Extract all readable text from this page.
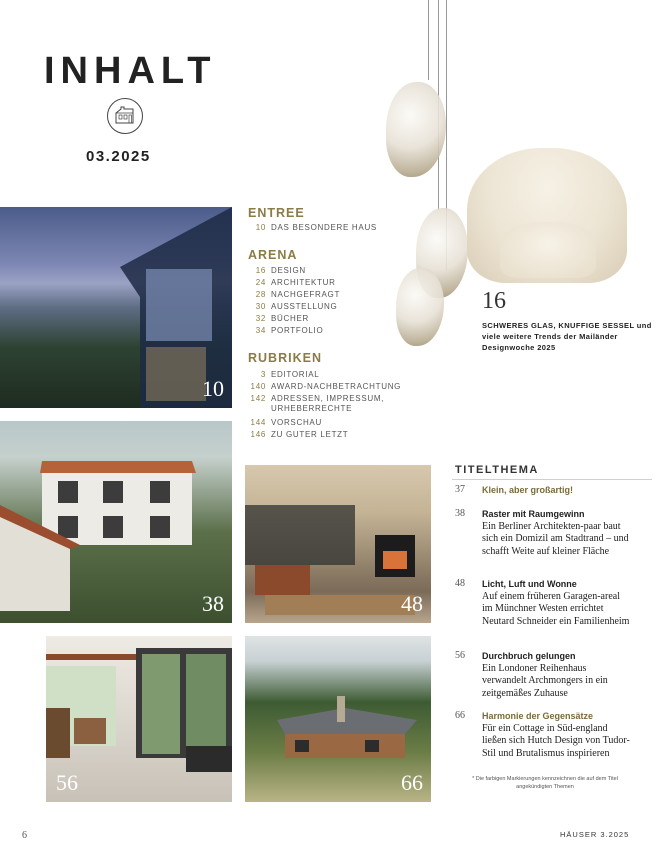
INHALT
03.2025
10
38	48
56	66
16
SCHWERES GLAS, KNUFFIGE SESSEL und viele weitere Trends der Mailänder Designwoche 2025
ENTREE
10 DAS BESONDERE HAUS
ARENA
16 DESIGN
24 ARCHITEKTUR
28 NACHGEFRAGT
30 AUSSTELLUNG
32 BÜCHER
34 PORTFOLIO
RUBRIKEN
3 EDITORIAL
140 AWARD-NACHBETRACHTUNG
142 ADRESSEN, IMPRESSUM, URHEBERRECHTE
144 VORSCHAU
146 ZU GUTER LETZT
TITELTHEMA
37	Klein, aber großartig!
38	Raster mit Raumgewinn
Ein Berliner Architekten-paar baut sich ein Domizil am Stadtrand – und schafft Weite auf kleiner Fläche
48	Licht, Luft und Wonne
Auf einem früheren Garagen-areal im Münchner Westen errichtet Neutard Schneider ein Familienheim
56	Durchbruch gelungen
Ein Londoner Reihenhaus verwandelt Archmongers in ein zeitgemäßes Zuhause
66	Harmonie der Gegensätze
Für ein Cottage in Süd-england ließen sich Hutch Design von Tudor-Stil und Brutalismus inspirieren
* Die farbigen Markierungen kennzeichnen die auf dem Titel angekündigten Themen
6	HÄUSER 3.2025
